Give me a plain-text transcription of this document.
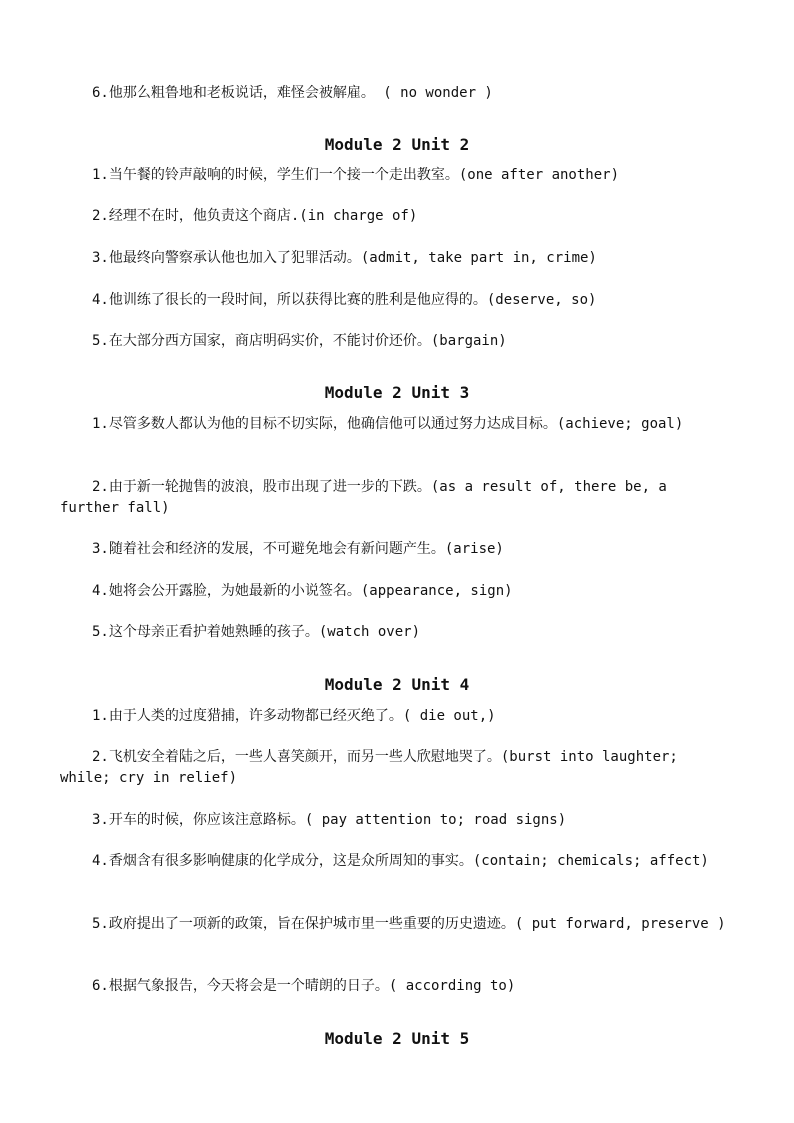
6.他那么粗鲁地和老板说话，难怪会被解雇。 ( no wonder )
Module 2 Unit 2
1.当午餐的铃声敲响的时候，学生们一个接一个走出教室。(one after another)
2.经理不在时，他负责这个商店.(in charge of)
3.他最终向警察承认他也加入了犯罪活动。(admit, take part in, crime)
4.他训练了很长的一段时间，所以获得比赛的胜利是他应得的。(deserve, so)
5.在大部分西方国家，商店明码实价，不能讨价还价。(bargain)
Module 2 Unit 3
1.尽管多数人都认为他的目标不切实际，他确信他可以通过努力达成目标。(achieve; goal)
2.由于新一轮抛售的波浪，股市出现了进一步的下跌。(as a result of, there be, a further fall)
3.随着社会和经济的发展，不可避免地会有新问题产生。(arise)
4.她将会公开露脸，为她最新的小说签名。(appearance, sign)
5.这个母亲正看护着她熟睡的孩子。(watch over)
Module 2 Unit 4
1.由于人类的过度猎捕，许多动物都已经灭绝了。( die out,)
2.飞机安全着陆之后，一些人喜笑颜开，而另一些人欣慰地哭了。(burst into laughter; while; cry in relief)
3.开车的时候，你应该注意路标。( pay attention to; road signs)
4.香烟含有很多影响健康的化学成分，这是众所周知的事实。(contain; chemicals; affect)
5.政府提出了一项新的政策，旨在保护城市里一些重要的历史遗迹。( put forward, preserve )
6.根据气象报告，今天将会是一个晴朗的日子。( according to)
Module 2 Unit 5
